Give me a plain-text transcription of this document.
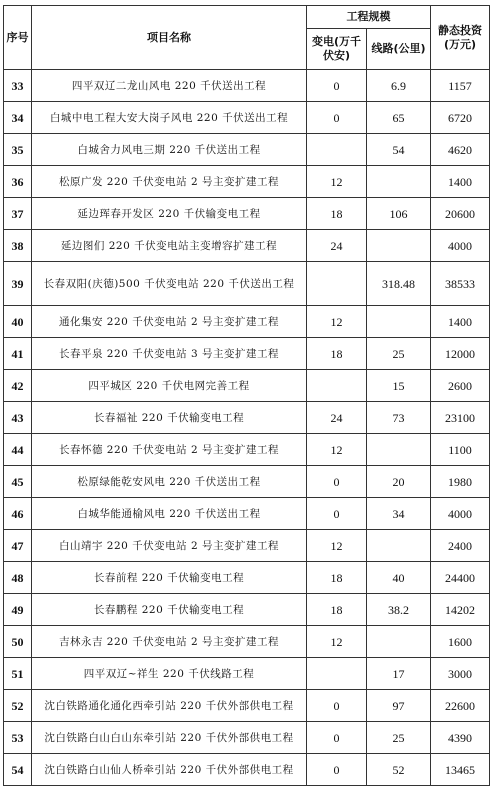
序号	项目名称	工程规模		静态投资(万元)
		变电(万千伏安)	线路(公里)	
33	四平双辽二龙山风电 220 千伏送出工程	0	6.9	1157
34	白城中电工程大安大岗子风电 220 千伏送出工程	0	65	6720
35	白城舍力风电三期 220 千伏送出工程		54	4620
36	松原广发 220 千伏变电站 2 号主变扩建工程	12		1400
37	延边珲春开发区 220 千伏输变电工程	18	106	20600
38	延边图们 220 千伏变电站主变增容扩建工程	24		4000
39	长春双阳(庆德)500 千伏变电站 220 千伏送出工程		318.48	38533
40	通化集安 220 千伏变电站 2 号主变扩建工程	12		1400
41	长春平泉 220 千伏变电站 3 号主变扩建工程	18	25	12000
42	四平城区 220 千伏电网完善工程		15	2600
43	长春福祉 220 千伏输变电工程	24	73	23100
44	长春怀德 220 千伏变电站 2 号主变扩建工程	12		1100
45	松原绿能乾安风电 220 千伏送出工程	0	20	1980
46	白城华能通榆风电 220 千伏送出工程	0	34	4000
47	白山靖宇 220 千伏变电站 2 号主变扩建工程	12		2400
48	长春前程 220 千伏输变电工程	18	40	24400
49	长春鹏程 220 千伏输变电工程	18	38.2	14202
50	吉林永吉 220 千伏变电站 2 号主变扩建工程	12		1600
51	四平双辽~祥生 220 千伏线路工程		17	3000
52	沈白铁路通化通化西牵引站 220 千伏外部供电工程	0	97	22600
53	沈白铁路白山白山东牵引站 220 千伏外部供电工程	0	25	4390
54	沈白铁路白山仙人桥牵引站 220 千伏外部供电工程	0	52	13465
